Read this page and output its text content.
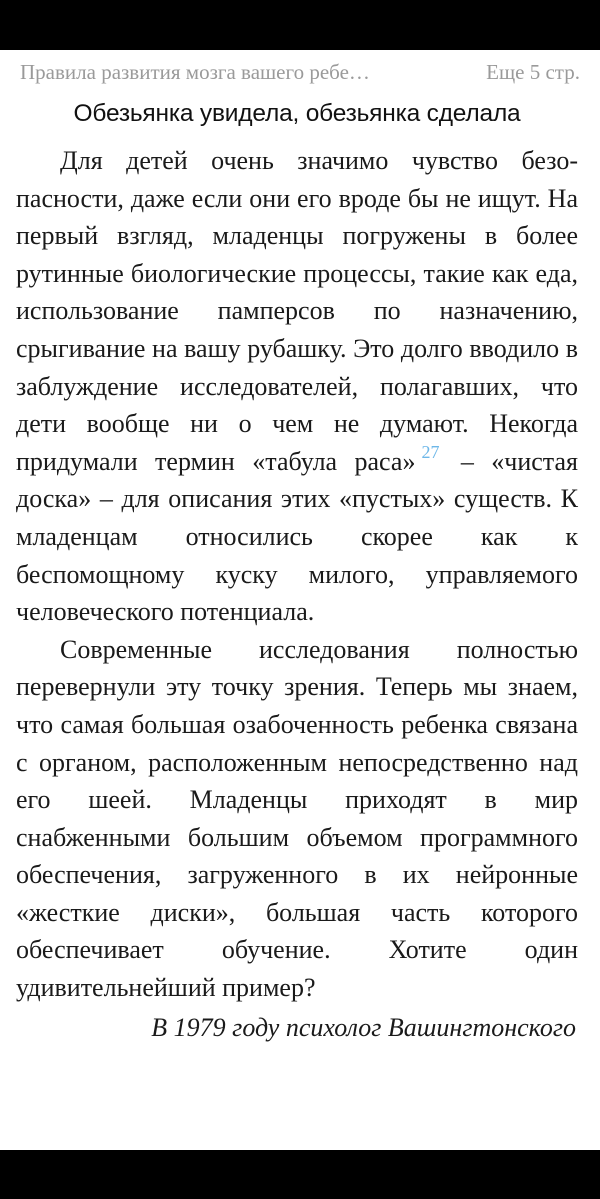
Правила развития мозга вашего ребе…	Еще 5 стр.
Обезьянка увидела, обезьянка сделала

Для детей очень значимо чувство безопасности, даже если они его вроде бы не ищут. На первый взгляд, младенцы погружены в более рутинные биологические процессы, такие как еда, использование памперсов по назначению, срыгивание на вашу рубашку. Это долго вводило в заблуждение исследователей, полагавших, что дети вообще ни о чем не думают. Некогда придумали термин «табула раса» $^{27}$ – «чистая доска» – для описания этих «пустых» существ. К младенцам относились скорее как к беспомощному куску милого, управляемого человеческого потенциала.

Современные исследования полностью перевернули эту точку зрения. Теперь мы знаем, что самая большая озабоченность ребенка связана с органом, расположенным непосредственно над его шеей. Младенцы приходят в мир снабженными большим объемом программного обеспечения, загруженного в их нейронные «жесткие диски», большая часть которого обеспечивает обучение. Хотите один удивительнейший пример?

В 1979 году психолог Вашингтонского
